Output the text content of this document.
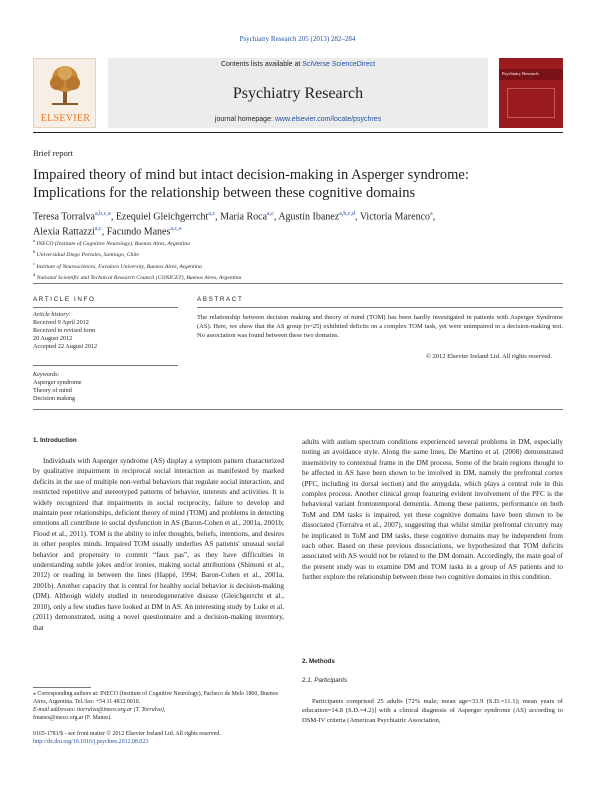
Psychiatry Research 205 (2013) 282–284
ELSEVIER
Contents lists available at SciVerse ScienceDirect
Psychiatry Research
journal homepage: www.elsevier.com/locate/psychres
Psychiatry Research
Brief report
Impaired theory of mind but intact decision-making in Asperger syndrome:
Implications for the relationship between these cognitive domains
Teresa Torralva$^{a,b,c,⁎}$, Ezequiel Gleichgerrcht$^{a,c}$, María Roca$^{a,c}$, Agustín Ibanez$^{a,b,c,d}$, Victoria Marenco$^a$,
Alexia Rattazzi$^{a,c}$, Facundo Manes$^{a,c,⁎}$
$^a$ INECO (Institute of Cognitive Neurology), Buenos Aires, Argentina
$^b$ Universidad Diego Portales, Santiago, Chile
$^c$ Institute of Neurosciences, Favaloro University, Buenos Aires, Argentina
$^d$ National Scientific and Technical Research Council (CONICET), Buenos Aires, Argentina
ARTICLE INFO
Article history:
Received 9 April 2012
Received in revised form
20 August 2012
Accepted 22 August 2012
Keywords:
Asperger syndrome
Theory of mind
Decision making
ABSTRACT
The relationship between decision making and theory of mind (TOM) has been hardly investigated in patients with Asperger Syndrome (AS). Here, we show that the AS group (n=25) exhibited deficits on a complex TOM task, yet were unimpaired in a decision-making test. No association was found between these two domains.
© 2012 Elsevier Ireland Ltd. All rights reserved.
1. Introduction
Individuals with Asperger syndrome (AS) display a symptom pattern characterized by qualitative impairment in reciprocal social interaction as manifested by marked deficits in the use of multiple non-verbal behaviors that regulate social interaction, and restricted repetitive and stereotyped patterns of behavior, interests and activities. It is widely recognized that impairments in social reciprocity, failure to develop and maintain peer relationships, deficient theory of mind (TOM) and problems in detecting emotions all contribute to social dysfunction in AS (Baron-Cohen et al., 2001a, 2001b; Flood et al., 2011). TOM is the ability to infer thoughts, beliefs, intentions, and desires in other peoples minds. Impaired TOM usually underlies AS patients' unusual social behavior and propensity to commit “faux pas”, as they have difficulties in understanding subtle jokes and/or ironies, making social attributions (Shimoni et al., 2012) or reading in between the lines (Happé, 1994; Baron-Cohen et al., 2001a, 2001b). Another capacity that is central for healthy social behavior is decision-making (DM). Although widely studied in neurodegenerative disease (Gleichgerrcht et al., 2010), only a few studies have looked at DM in AS. An interesting study by Luke et al. (2011) demonstrated, using a novel questionnaire and a decision-making inventory, that
⁎ Corresponding authors at: INECO (Institute of Cognitive Neurology), Pacheco de Melo 1860, Buenos Aires, Argentina. Tel./fax: +54 11 4812 0010.
E-mail addresses: ttorralva@ineco.org.ar (T. Torralva),
fmanes@ineco.org.ar (F. Manes).
0165-1781/$ - see front matter © 2012 Elsevier Ireland Ltd. All rights reserved.
http://dx.doi.org/10.1016/j.psychres.2012.08.023
adults with autism spectrum conditions experienced several problems in DM, especially noting an avoidance style. Along the same lines, De Martino et al. (2008) demonstrated insensitivity to contextual frame in the DM process. Some of the brain regions thought to be affected in AS have been shown to be involved in DM, namely the prefrontal cortex (PFC, including its dorsal section) and the amygdala, which plays a central role in this complex process. Another clinical group featuring evident involvement of the PFC is the behavioral variant frontotemporal dementia. Among these patients, performance on both ToM and DM tasks is impaired, yet these cognitive domains have been shown to be dissociated (Torralva et al., 2007), suggesting that whilst similar prefrontal circuitry may be implicated in ToM and DM tasks, these cognitive domains may be independent from each other. Based on these previous dissociations, we hypothesized that TOM deficits associated with AS would not be related to the DM domain. Accordingly, the main goal of the present study was to examine DM and TOM tasks in a group of AS patients and to further explore the relationship between these two cognitive domains in this condition.
2. Methods
2.1. Participants
Participants comprised 25 adults [72% male; mean age=33.9 (S.D.=11.1); mean years of education=14.8 (S.D.=4.2)] with a clinical diagnosis of Asperger syndrome (AS) according to DSM-IV criteria (American Psychiatric Association,
